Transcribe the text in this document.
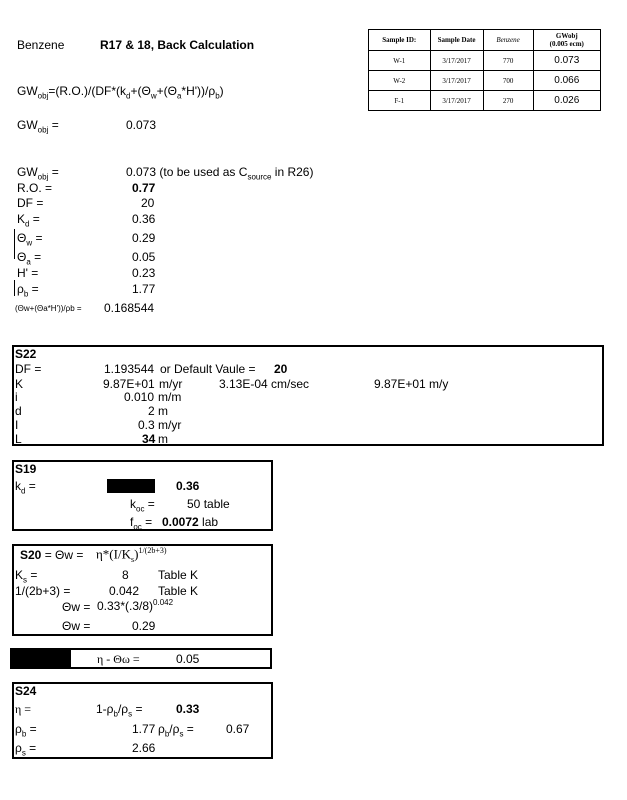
Benzene	R17 & 18, Back Calculation	Sample ID:	Sample Date	Benzene	GWobj
(0.005 ecm)
W-1	3/17/2017	770	0.073
W-2	3/17/2017	700	0.066
F-1	3/17/2017	270	0.026
$GW_{obj}=(R.O.)/(DF*(k_d+(\Theta_w+(\Theta_a*H'))/\rho_b)$
$GW_{obj}$ =	0.073
$GW_{obj}$ =	0.073 (to be used as $C_{source}$ in R26)
R.O. =	0.77
DF =	20
$K_d$ =	0.36
$\Theta_w$ =	0.29
$\Theta_a$ =	0.05
H' =	0.23
$\rho_b$ =	1.77
(Θw+(Θa*H'))/ρb = 0.168544
S22
DF =	1.193544 or Default Vaule = 20
K	9.87E+01 m/yr	3.13E-04 cm/sec	9.87E+01 m/y
i	0.010 m/m
d	2 m
I	0.3 m/yr
L	34 m
S19
$k_d$ =	0.36
$k_{oc}$ =	50 table
$f_{oc} = 0.0072$ lab
$S20 = \Theta w = \eta*(I/K_s)^{1/(2b+3)}$
$K_s$ =	8 Table K
1/(2b+3) =	0.042 Table K
$\Theta w = 0.33*(.3/8)^{0.042}$
Θw =	0.29
η - Θω =	0.05
S24
η =	$1-\rho_b/\rho_s$ =	0.33
$\rho_b$ =	1.77 $\rho_b/\rho_s$ =	0.67
$\rho_s$ =	2.66
